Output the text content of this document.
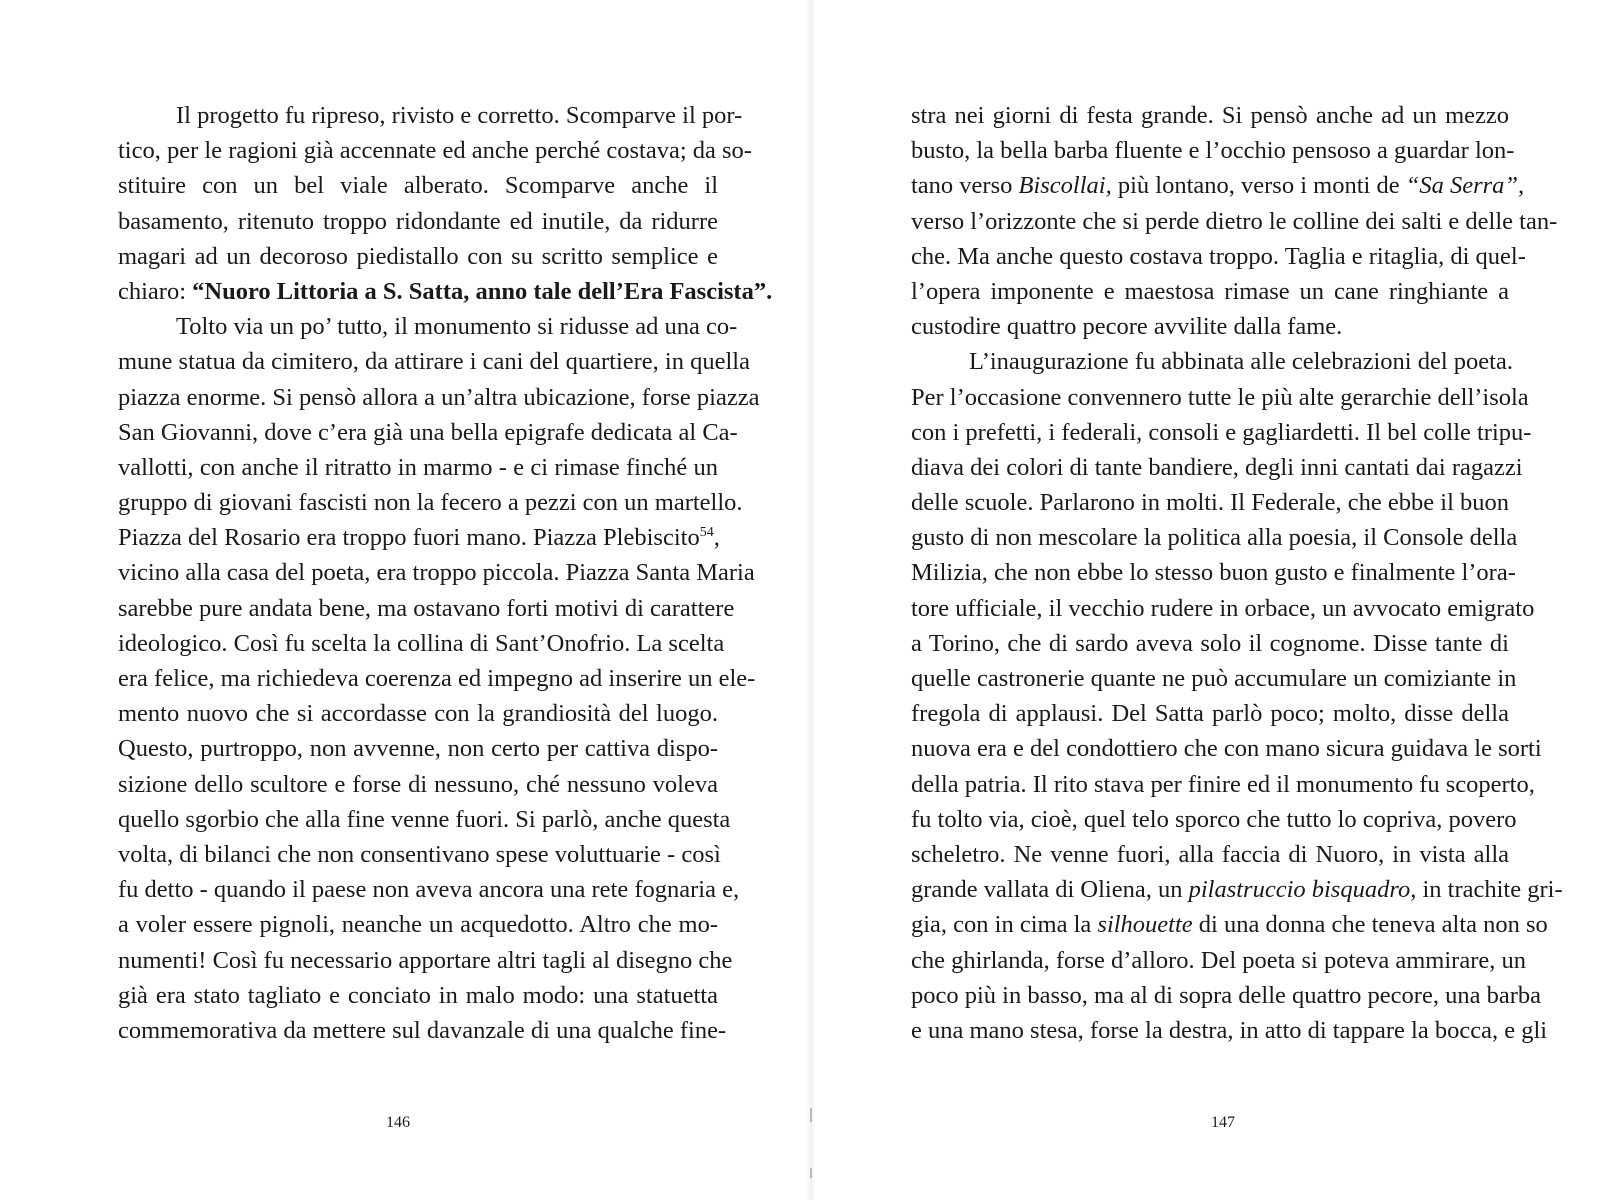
Il progetto fu ripreso, rivisto e corretto. Scomparve il por-
tico, per le ragioni già accennate ed anche perché costava; da so-
stituire con un bel viale alberato. Scomparve anche il
basamento, ritenuto troppo ridondante ed inutile, da ridurre
magari ad un decoroso piedistallo con su scritto semplice e
chiaro: “Nuoro Littoria a S. Satta, anno tale dell’Era Fascista”.
Tolto via un po’ tutto, il monumento si ridusse ad una co-
mune statua da cimitero, da attirare i cani del quartiere, in quella
piazza enorme. Si pensò allora a un’altra ubicazione, forse piazza
San Giovanni, dove c’era già una bella epigrafe dedicata al Ca-
vallotti, con anche il ritratto in marmo - e ci rimase finché un
gruppo di giovani fascisti non la fecero a pezzi con un martello.
Piazza del Rosario era troppo fuori mano. Piazza Plebiscito$^{54}$,
vicino alla casa del poeta, era troppo piccola. Piazza Santa Maria
sarebbe pure andata bene, ma ostavano forti motivi di carattere
ideologico. Così fu scelta la collina di Sant’Onofrio. La scelta
era felice, ma richiedeva coerenza ed impegno ad inserire un ele-
mento nuovo che si accordasse con la grandiosità del luogo.
Questo, purtroppo, non avvenne, non certo per cattiva dispo-
sizione dello scultore e forse di nessuno, ché nessuno voleva
quello sgorbio che alla fine venne fuori. Si parlò, anche questa
volta, di bilanci che non consentivano spese voluttuarie - così
fu detto - quando il paese non aveva ancora una rete fognaria e,
a voler essere pignoli, neanche un acquedotto. Altro che mo-
numenti! Così fu necessario apportare altri tagli al disegno che
già era stato tagliato e conciato in malo modo: una statuetta
commemorativa da mettere sul davanzale di una qualche fine-
146
stra nei giorni di festa grande. Si pensò anche ad un mezzo
busto, la bella barba fluente e l’occhio pensoso a guardar lon-
tano verso Biscollai, più lontano, verso i monti de “Sa Serra”,
verso l’orizzonte che si perde dietro le colline dei salti e delle tan-
che. Ma anche questo costava troppo. Taglia e ritaglia, di quel-
l’opera imponente e maestosa rimase un cane ringhiante a
custodire quattro pecore avvilite dalla fame.
L’inaugurazione fu abbinata alle celebrazioni del poeta.
Per l’occasione convennero tutte le più alte gerarchie dell’isola
con i prefetti, i federali, consoli e gagliardetti. Il bel colle tripu-
diava dei colori di tante bandiere, degli inni cantati dai ragazzi
delle scuole. Parlarono in molti. Il Federale, che ebbe il buon
gusto di non mescolare la politica alla poesia, il Console della
Milizia, che non ebbe lo stesso buon gusto e finalmente l’ora-
tore ufficiale, il vecchio rudere in orbace, un avvocato emigrato
a Torino, che di sardo aveva solo il cognome. Disse tante di
quelle castronerie quante ne può accumulare un comiziante in
fregola di applausi. Del Satta parlò poco; molto, disse della
nuova era e del condottiero che con mano sicura guidava le sorti
della patria. Il rito stava per finire ed il monumento fu scoperto,
fu tolto via, cioè, quel telo sporco che tutto lo copriva, povero
scheletro. Ne venne fuori, alla faccia di Nuoro, in vista alla
grande vallata di Oliena, un pilastruccio bisquadro, in trachite gri-
gia, con in cima la silhouette di una donna che teneva alta non so
che ghirlanda, forse d’alloro. Del poeta si poteva ammirare, un
poco più in basso, ma al di sopra delle quattro pecore, una barba
e una mano stesa, forse la destra, in atto di tappare la bocca, e gli
147
